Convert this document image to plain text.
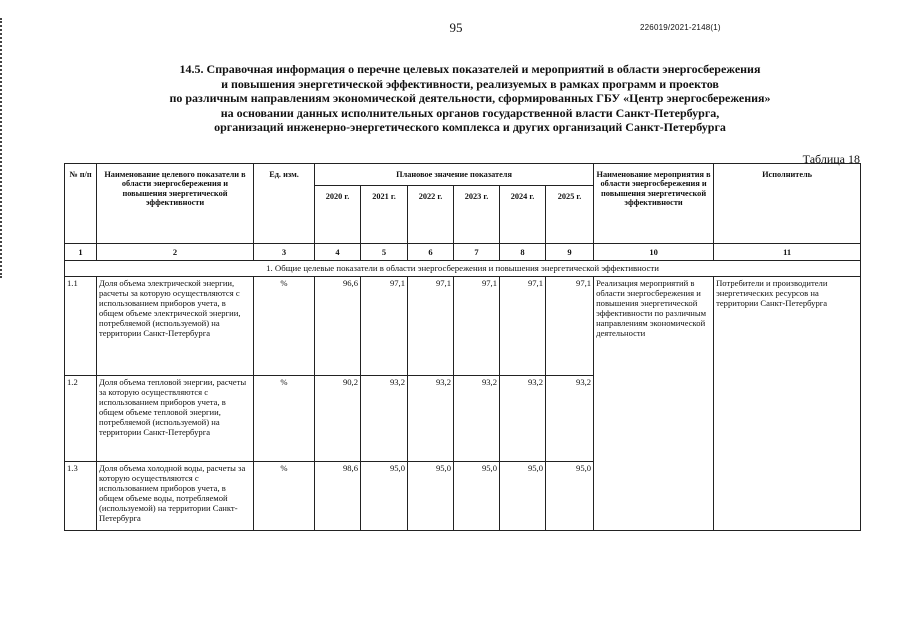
95	226019/2021-2148(1)
14.5. Справочная информация о перечне целевых показателей и мероприятий в области энергосбережения
и повышения энергетической эффективности, реализуемых в рамках программ и проектов
по различным направлениям экономической деятельности, сформированных ГБУ «Центр энергосбережения»
на основании данных исполнительных органов государственной власти Санкт-Петербурга,
организаций инженерно-энергетического комплекса и других организаций Санкт-Петербурга
Таблица 18
№ п/п	Наименование целевого показатели в области энергосбережения и повышения энергетической эффективности	Ед. изм.	Плановое значение показателя						Наименование мероприятия в области энергосбережения и повышения энергетической эффективности	Исполнитель
			2020 г.	2021 г.	2022 г.	2023 г.	2024 г.	2025 г.		
1	2	3	4	5	6	7	8	9	10	11
1. Общие целевые показатели в области энергосбережения и повышения энергетической эффективности										
1.1	Доля объема электрической энергии, расчеты за которую осуществляются с использованием приборов учета, в общем объеме электрической энергии, потребляемой (используемой) на территории Санкт-Петербурга	%	96,6	97,1	97,1	97,1	97,1	97,1	Реализация мероприятий в области энергосбережения и повышения энергетической эффективности по различным направлениям экономической деятельности	Потребители и производители энергетических ресурсов на территории Санкт-Петербурга
1.2	Доля объема тепловой энергии, расчеты за которую осуществляются с использованием приборов учета, в общем объеме тепловой энергии, потребляемой (используемой) на территории Санкт-Петербурга	%	90,2	93,2	93,2	93,2	93,2	93,2		
1.3	Доля объема холодной воды, расчеты за которую осуществляются с использованием приборов учета, в общем объеме воды, потребляемой (используемой) на территории Санкт-Петербурга	%	98,6	95,0	95,0	95,0	95,0	95,0		
